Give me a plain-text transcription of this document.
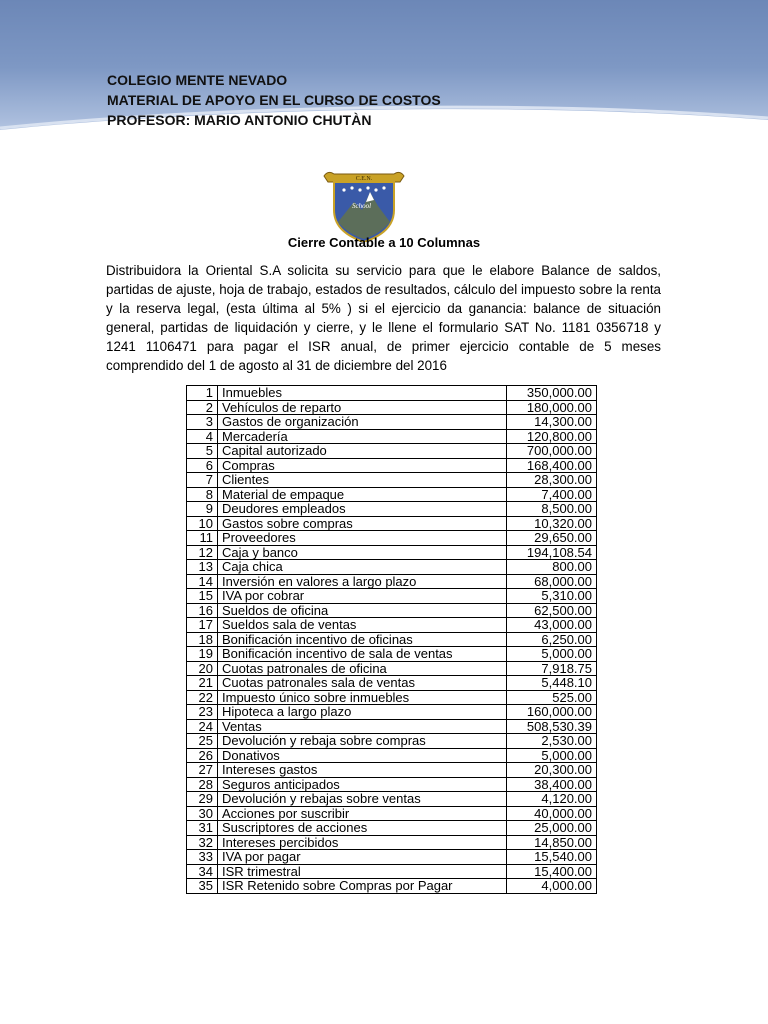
COLEGIO MENTE NEVADO
MATERIAL DE APOYO EN EL CURSO DE COSTOS
PROFESOR: MARIO ANTONIO CHUTÀN
C.E.N.
School
Cierre Contable a 10 Columnas

Distribuidora la Oriental S.A solicita su servicio para que le elabore Balance de saldos, partidas de ajuste, hoja de trabajo, estados de resultados, cálculo del impuesto sobre la renta y la reserva legal, (esta última al 5% ) si el ejercicio da ganancia: balance de situación general, partidas de liquidación y cierre, y le llene el formulario SAT No. 1181 0356718 y 1241 1106471 para pagar el ISR anual, de primer ejercicio contable de 5 meses comprendido del 1 de agosto al 31 de diciembre del 2016

1	Inmuebles	350,000.00
2	Vehículos de reparto	180,000.00
3	Gastos de organización	14,300.00
4	Mercadería	120,800.00
5	Capital autorizado	700,000.00
6	Compras	168,400.00
7	Clientes	28,300.00
8	Material de empaque	7,400.00
9	Deudores empleados	8,500.00
10	Gastos sobre compras	10,320.00
11	Proveedores	29,650.00
12	Caja y banco	194,108.54
13	Caja chica	800.00
14	Inversión en valores a largo plazo	68,000.00
15	IVA por cobrar	5,310.00
16	Sueldos de oficina	62,500.00
17	Sueldos sala de ventas	43,000.00
18	Bonificación incentivo de oficinas	6,250.00
19	Bonificación incentivo de sala de ventas	5,000.00
20	Cuotas patronales de oficina	7,918.75
21	Cuotas patronales sala de ventas	5,448.10
22	Impuesto único sobre inmuebles	525.00
23	Hipoteca a largo plazo	160,000.00
24	Ventas	508,530.39
25	Devolución y rebaja sobre compras	2,530.00
26	Donativos	5,000.00
27	Intereses gastos	20,300.00
28	Seguros anticipados	38,400.00
29	Devolución y rebajas sobre ventas	4,120.00
30	Acciones por suscribir	40,000.00
31	Suscriptores de acciones	25,000.00
32	Intereses percibidos	14,850.00
33	IVA por pagar	15,540.00
34	ISR trimestral	15,400.00
35	ISR Retenido sobre Compras por Pagar	4,000.00
